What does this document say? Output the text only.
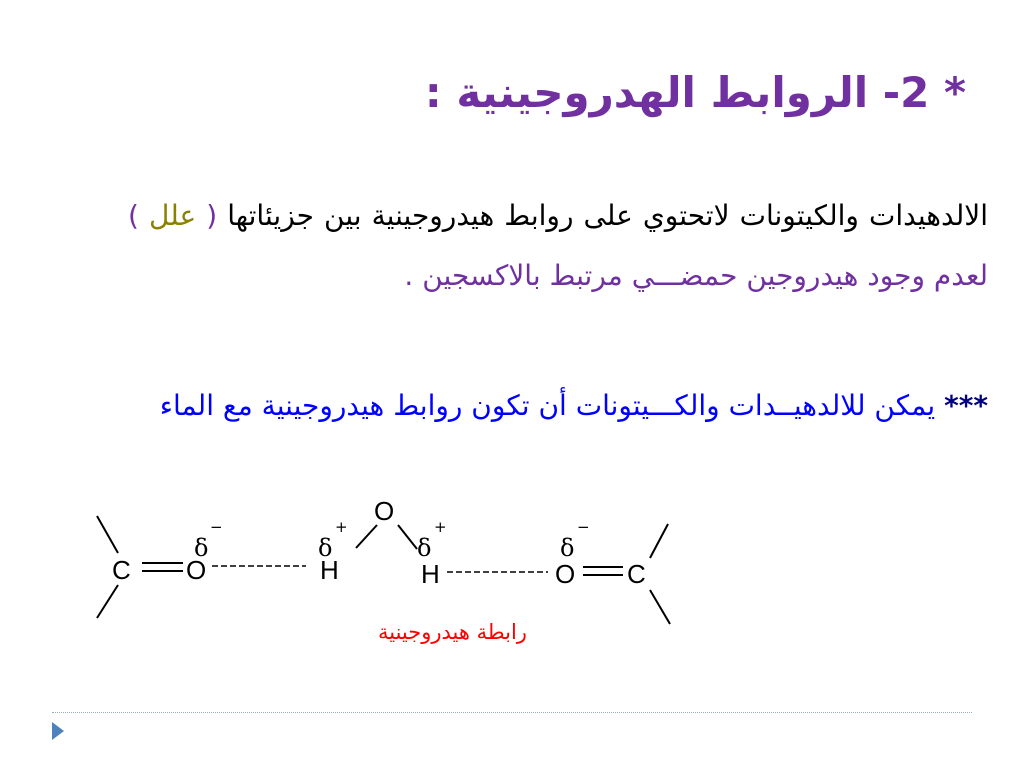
* 2- الروابط الهدروجينية :
الالدهيدات والكيتونات لاتحتوي على روابط هيدروجينية بين جزيئاتها ( علل ) لعدم وجود هيدروجين حمضـــي مرتبط بالاكسجين .
*** يمكن للالدهيــدات والكـــيتونات أن تكون روابط هيدروجينية مع الماء
C O	H
O
H	O C
δ	δ	δ	δ
−	+	+	−
رابطة هيدروجينية
